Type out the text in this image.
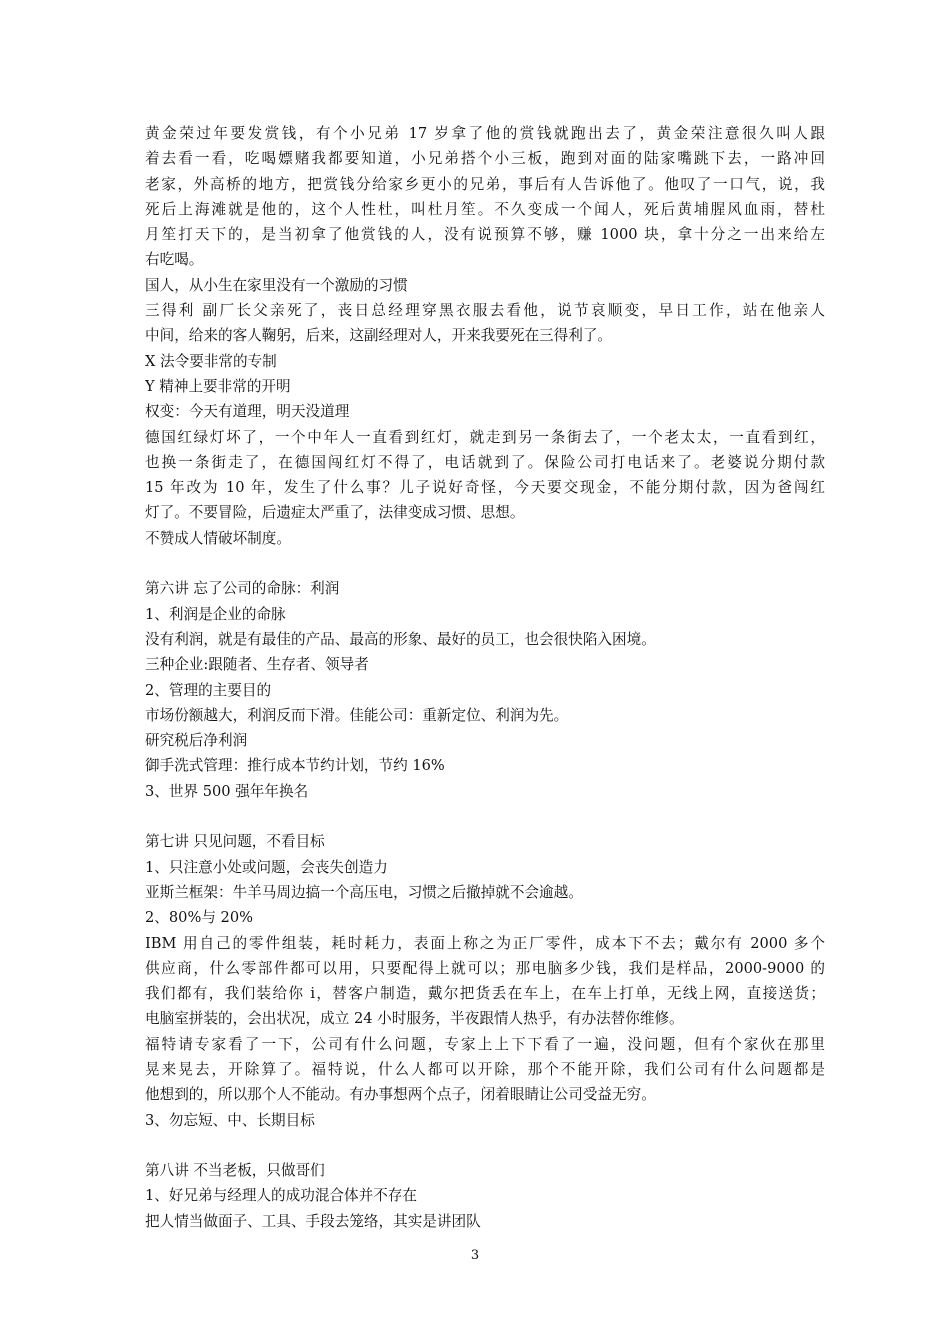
黄金荣过年要发赏钱，有个小兄弟 17 岁拿了他的赏钱就跑出去了，黄金荣注意很久叫人跟
着去看一看，吃喝嫖赌我都要知道，小兄弟搭个小三板，跑到对面的陆家嘴跳下去，一路冲回
老家，外高桥的地方，把赏钱分给家乡更小的兄弟，事后有人告诉他了。他叹了一口气，说，我
死后上海滩就是他的，这个人性杜，叫杜月笙。不久变成一个闻人，死后黄埔腥风血雨，替杜
月笙打天下的，是当初拿了他赏钱的人，没有说预算不够，赚 1000 块，拿十分之一出来给左
右吃喝。
国人，从小生在家里没有一个激励的习惯
三得利 副厂长父亲死了，丧日总经理穿黑衣服去看他，说节哀顺变，早日工作，站在他亲人
中间，给来的客人鞠躬，后来，这副经理对人，开来我要死在三得利了。
X 法令要非常的专制
Y 精神上要非常的开明
权变：今天有道理，明天没道理
德国红绿灯坏了，一个中年人一直看到红灯，就走到另一条街去了，一个老太太，一直看到红，
也换一条街走了，在德国闯红灯不得了，电话就到了。保险公司打电话来了。老婆说分期付款
15 年改为 10 年，发生了什么事？儿子说好奇怪，今天要交现金，不能分期付款，因为爸闯红
灯了。不要冒险，后遗症太严重了，法律变成习惯、思想。
不赞成人情破坏制度。
第六讲 忘了公司的命脉：利润
1、利润是企业的命脉
没有利润，就是有最佳的产品、最高的形象、最好的员工，也会很快陷入困境。
三种企业:跟随者、生存者、领导者
2、管理的主要目的
市场份额越大，利润反而下滑。佳能公司：重新定位、利润为先。
研究税后净利润
御手洗式管理：推行成本节约计划，节约 16%
3、世界 500 强年年换名
第七讲 只见问题，不看目标
1、只注意小处或问题，会丧失创造力
亚斯兰框架：牛羊马周边搞一个高压电，习惯之后撤掉就不会逾越。
2、80%与 20%
IBM 用自己的零件组装，耗时耗力，表面上称之为正厂零件，成本下不去；戴尔有 2000 多个
供应商，什么零部件都可以用，只要配得上就可以；那电脑多少钱，我们是样品，2000-9000 的
我们都有，我们装给你 i，替客户制造，戴尔把货丢在车上，在车上打单，无线上网，直接送货；
电脑室拼装的，会出状况，成立 24 小时服务，半夜跟情人热乎，有办法替你维修。
福特请专家看了一下，公司有什么问题，专家上上下下看了一遍，没问题，但有个家伙在那里
晃来晃去，开除算了。福特说，什么人都可以开除，那个不能开除，我们公司有什么问题都是
他想到的，所以那个人不能动。有办事想两个点子，闭着眼睛让公司受益无穷。
3、勿忘短、中、长期目标
第八讲 不当老板，只做哥们
1、好兄弟与经理人的成功混合体并不存在
把人情当做面子、工具、手段去笼络，其实是讲团队
3
